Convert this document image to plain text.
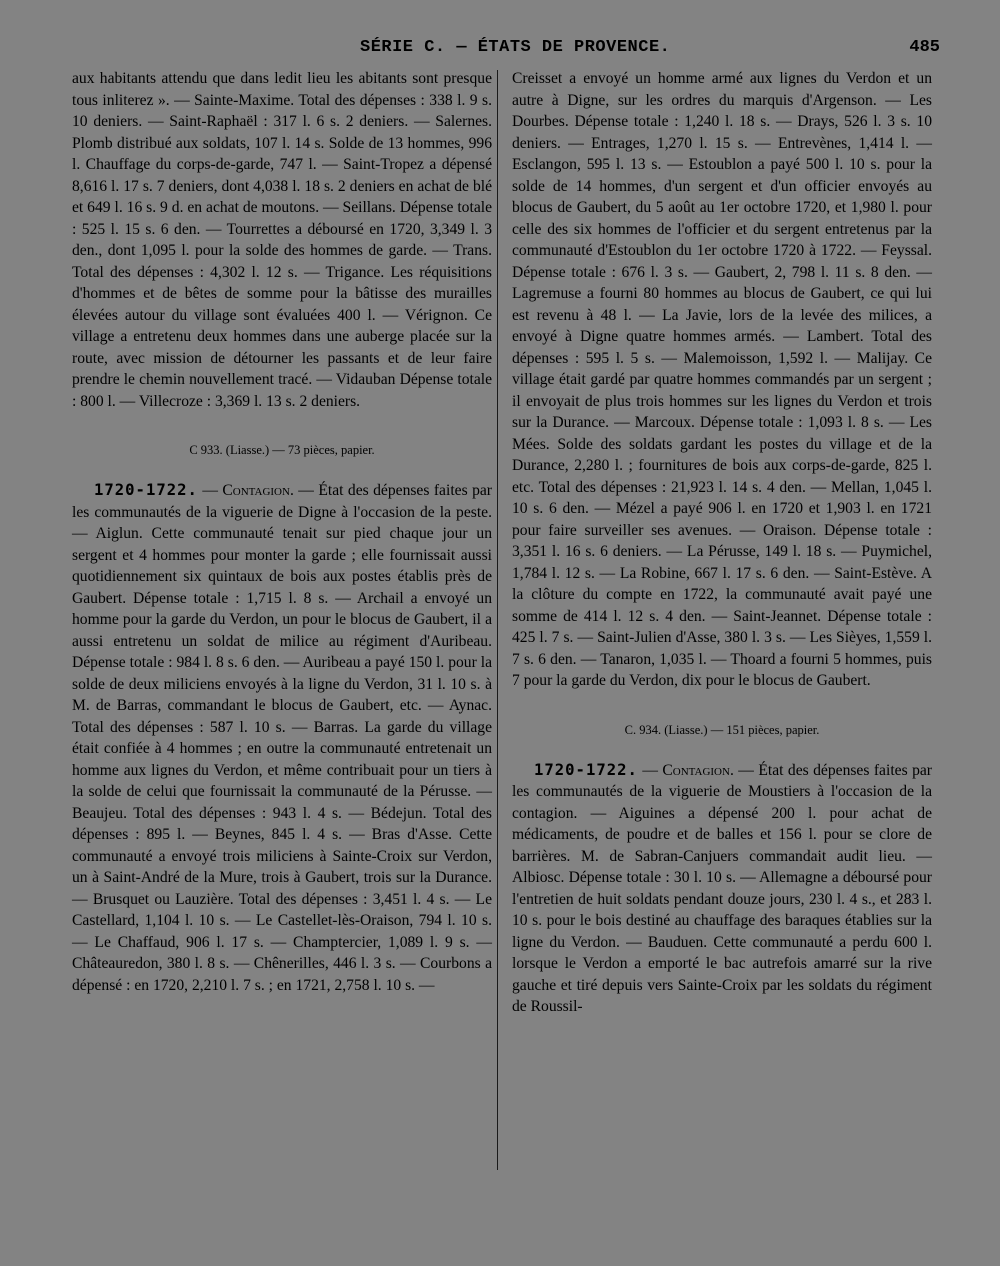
SÉRIE C. — ÉTATS DE PROVENCE.	485

aux habitants attendu que dans ledit lieu les abitants sont presque tous inliterez ». — Sainte-Maxime. Total des dépenses : 338 l. 9 s. 10 deniers. — Saint-Raphaël : 317 l. 6 s. 2 deniers. — Salernes. Plomb distribué aux soldats, 107 l. 14 s. Solde de 13 hommes, 996 l. Chauffage du corps-de-garde, 747 l. — Saint-Tropez a dépensé 8,616 l. 17 s. 7 deniers, dont 4,038 l. 18 s. 2 deniers en achat de blé et 649 l. 16 s. 9 d. en achat de moutons. — Seillans. Dépense totale : 525 l. 15 s. 6 den. — Tourrettes a déboursé en 1720, 3,349 l. 3 den., dont 1,095 l. pour la solde des hommes de garde. — Trans. Total des dépenses : 4,302 l. 12 s. — Trigance. Les réquisitions d'hommes et de bêtes de somme pour la bâtisse des murailles élevées autour du village sont évaluées 400 l. — Vérignon. Ce village a entretenu deux hommes dans une auberge placée sur la route, avec mission de détourner les passants et de leur faire prendre le chemin nouvellement tracé. — Vidauban Dépense totale : 800 l. — Villecroze : 3,369 l. 13 s. 2 deniers.

C 933. (Liasse.) — 73 pièces, papier.

1720-1722. — Contagion. — État des dépenses faites par les communautés de la viguerie de Digne à l'occasion de la peste. — Aiglun. Cette communauté tenait sur pied chaque jour un sergent et 4 hommes pour monter la garde ; elle fournissait aussi quotidiennement six quintaux de bois aux postes établis près de Gaubert. Dépense totale : 1,715 l. 8 s. — Archail a envoyé un homme pour la garde du Verdon, un pour le blocus de Gaubert, il a aussi entretenu un soldat de milice au régiment d'Auribeau. Dépense totale : 984 l. 8 s. 6 den. — Auribeau a payé 150 l. pour la solde de deux miliciens envoyés à la ligne du Verdon, 31 l. 10 s. à M. de Barras, commandant le blocus de Gaubert, etc. — Aynac. Total des dépenses : 587 l. 10 s. — Barras. La garde du village était confiée à 4 hommes ; en outre la communauté entretenait un homme aux lignes du Verdon, et même contribuait pour un tiers à la solde de celui que fournissait la communauté de la Pérusse. — Beaujeu. Total des dépenses : 943 l. 4 s. — Bédejun. Total des dépenses : 895 l. — Beynes, 845 l. 4 s. — Bras d'Asse. Cette communauté a envoyé trois miliciens à Sainte-Croix sur Verdon, un à Saint-André de la Mure, trois à Gaubert, trois sur la Durance. — Brusquet ou Lauzière. Total des dépenses : 3,451 l. 4 s. — Le Castellard, 1,104 l. 10 s. — Le Castellet-lès-Oraison, 794 l. 10 s. — Le Chaffaud, 906 l. 17 s. — Champtercier, 1,089 l. 9 s. — Châteauredon, 380 l. 8 s. — Chênerilles, 446 l. 3 s. — Courbons a dépensé : en 1720, 2,210 l. 7 s. ; en 1721, 2,758 l. 10 s. —

Creisset a envoyé un homme armé aux lignes du Verdon et un autre à Digne, sur les ordres du marquis d'Argenson. — Les Dourbes. Dépense totale : 1,240 l. 18 s. — Drays, 526 l. 3 s. 10 deniers. — Entrages, 1,270 l. 15 s. — Entrevènes, 1,414 l. — Esclangon, 595 l. 13 s. — Estoublon a payé 500 l. 10 s. pour la solde de 14 hommes, d'un sergent et d'un officier envoyés au blocus de Gaubert, du 5 août au 1er octobre 1720, et 1,980 l. pour celle des six hommes de l'officier et du sergent entretenus par la communauté d'Estoublon du 1er octobre 1720 à 1722. — Feyssal. Dépense totale : 676 l. 3 s. — Gaubert, 2, 798 l. 11 s. 8 den. — Lagremuse a fourni 80 hommes au blocus de Gaubert, ce qui lui est revenu à 48 l. — La Javie, lors de la levée des milices, a envoyé à Digne quatre hommes armés. — Lambert. Total des dépenses : 595 l. 5 s. — Malemoisson, 1,592 l. — Malijay. Ce village était gardé par quatre hommes commandés par un sergent ; il envoyait de plus trois hommes sur les lignes du Verdon et trois sur la Durance. — Marcoux. Dépense totale : 1,093 l. 8 s. — Les Mées. Solde des soldats gardant les postes du village et de la Durance, 2,280 l. ; fournitures de bois aux corps-de-garde, 825 l. etc. Total des dépenses : 21,923 l. 14 s. 4 den. — Mellan, 1,045 l. 10 s. 6 den. — Mézel a payé 906 l. en 1720 et 1,903 l. en 1721 pour faire surveiller ses avenues. — Oraison. Dépense totale : 3,351 l. 16 s. 6 deniers. — La Pérusse, 149 l. 18 s. — Puymichel, 1,784 l. 12 s. — La Robine, 667 l. 17 s. 6 den. — Saint-Estève. A la clôture du compte en 1722, la communauté avait payé une somme de 414 l. 12 s. 4 den. — Saint-Jeannet. Dépense totale : 425 l. 7 s. — Saint-Julien d'Asse, 380 l. 3 s. — Les Sièyes, 1,559 l. 7 s. 6 den. — Tanaron, 1,035 l. — Thoard a fourni 5 hommes, puis 7 pour la garde du Verdon, dix pour le blocus de Gaubert.

C. 934. (Liasse.) — 151 pièces, papier.

1720-1722. — Contagion. — État des dépenses faites par les communautés de la viguerie de Moustiers à l'occasion de la contagion. — Aiguines a dépensé 200 l. pour achat de médicaments, de poudre et de balles et 156 l. pour se clore de barrières. M. de Sabran-Canjuers commandait audit lieu. — Albiosc. Dépense totale : 30 l. 10 s. — Allemagne a déboursé pour l'entretien de huit soldats pendant douze jours, 230 l. 4 s., et 283 l. 10 s. pour le bois destiné au chauffage des baraques établies sur la ligne du Verdon. — Bauduen. Cette communauté a perdu 600 l. lorsque le Verdon a emporté le bac autrefois amarré sur la rive gauche et tiré depuis vers Sainte-Croix par les soldats du régiment de Roussil-
